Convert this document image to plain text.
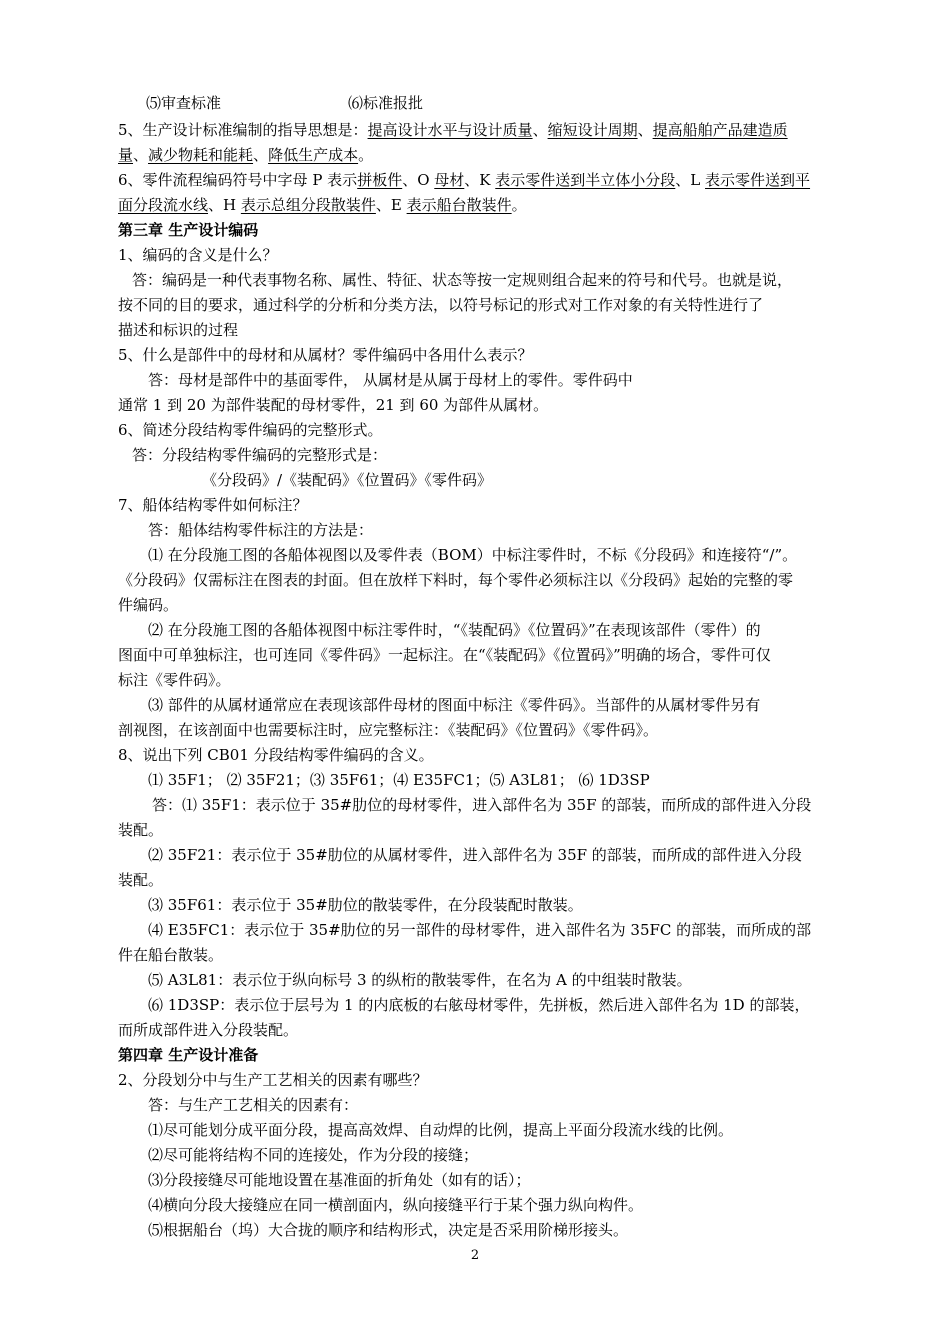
⑸审查标准	⑹标准报批
5、生产设计标准编制的指导思想是：提高设计水平与设计质量、缩短设计周期、提高船舶产品建造质
量、减少物耗和能耗、降低生产成本。
6、零件流程编码符号中字母 P 表示拼板件、O 母材、K 表示零件送到半立体小分段、L 表示零件送到平
面分段流水线、H 表示总组分段散装件、E 表示船台散装件。
第三章 生产设计编码
1、编码的含义是什么？
答：编码是一种代表事物名称、属性、特征、状态等按一定规则组合起来的符号和代号。也就是说，
按不同的目的要求，通过科学的分析和分类方法，以符号标记的形式对工作对象的有关特性进行了
描述和标识的过程
5、什么是部件中的母材和从属材？零件编码中各用什么表示？
答：母材是部件中的基面零件， 从属材是从属于母材上的零件。零件码中
通常 1 到 20 为部件装配的母材零件，21 到 60 为部件从属材。
6、简述分段结构零件编码的完整形式。
答：分段结构零件编码的完整形式是：
《分段码》/《装配码》《位置码》《零件码》
7、船体结构零件如何标注？
答：船体结构零件标注的方法是：
⑴ 在分段施工图的各船体视图以及零件表（BOM）中标注零件时，不标《分段码》和连接符“/”。
《分段码》仅需标注在图表的封面。但在放样下料时，每个零件必须标注以《分段码》起始的完整的零
件编码。
⑵ 在分段施工图的各船体视图中标注零件时，“《装配码》《位置码》”在表现该部件（零件）的
图面中可单独标注，也可连同《零件码》一起标注。在“《装配码》《位置码》”明确的场合，零件可仅
标注《零件码》。
⑶ 部件的从属材通常应在表现该部件母材的图面中标注《零件码》。当部件的从属材零件另有
剖视图，在该剖面中也需要标注时，应完整标注：《装配码》《位置码》《零件码》。
8、说出下列 CB01 分段结构零件编码的含义。
⑴ 35F1； ⑵ 35F21；⑶ 35F61；⑷ E35FC1；⑸ A3L81； ⑹ 1D3SP
答：⑴ 35F1：表示位于 35#肋位的母材零件，进入部件名为 35F 的部装，而所成的部件进入分段
装配。
⑵ 35F21：表示位于 35#肋位的从属材零件，进入部件名为 35F 的部装，而所成的部件进入分段
装配。
⑶ 35F61：表示位于 35#肋位的散装零件，在分段装配时散装。
⑷ E35FC1：表示位于 35#肋位的另一部件的母材零件，进入部件名为 35FC 的部装，而所成的部
件在船台散装。
⑸ A3L81：表示位于纵向标号 3 的纵桁的散装零件，在名为 A 的中组装时散装。
⑹ 1D3SP：表示位于层号为 1 的内底板的右舷母材零件，先拼板，然后进入部件名为 1D 的部装，
而所成部件进入分段装配。
第四章 生产设计准备
2、分段划分中与生产工艺相关的因素有哪些？
答：与生产工艺相关的因素有：
⑴尽可能划分成平面分段，提高高效焊、自动焊的比例，提高上平面分段流水线的比例。
⑵尽可能将结构不同的连接处，作为分段的接缝；
⑶分段接缝尽可能地设置在基准面的折角处（如有的话）；
⑷横向分段大接缝应在同一横剖面内，纵向接缝平行于某个强力纵向构件。
⑸根据船台（坞）大合拢的顺序和结构形式，决定是否采用阶梯形接头。
2
